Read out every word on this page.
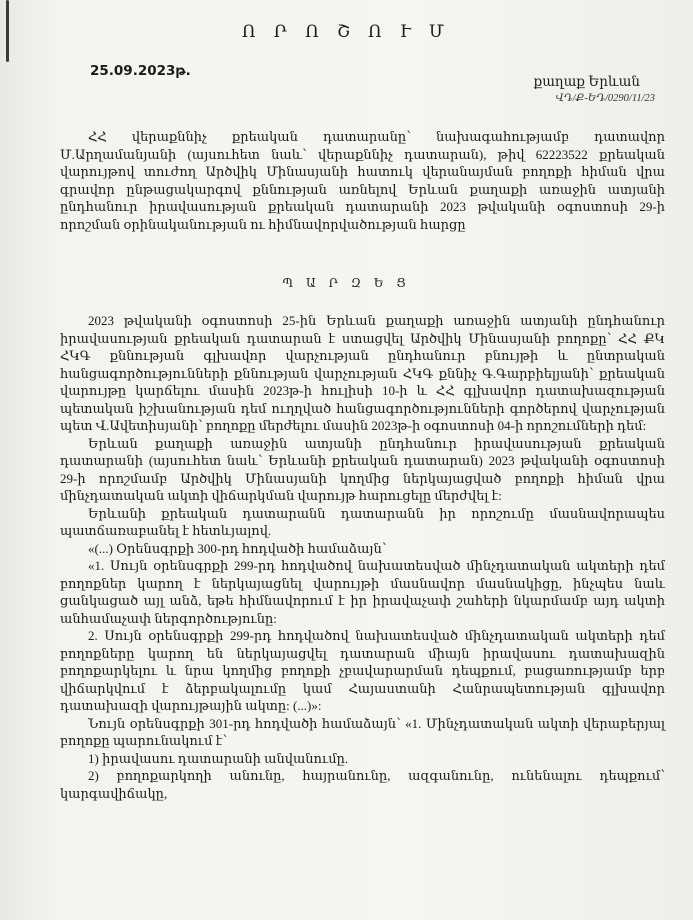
Ո Ր Ո Շ Ո Ւ Մ
25.09.2023թ.
քաղաք Երևան
ՎԴ/Ք-ԵԴ/0290/11/23

ՀՀ վերաքննիչ քրեական դատարանը՝ նախագահությամբ դատավոր Մ.Արղամանյանի (այսուհետ նաև՝ վերաքննիչ դատարան), թիվ 62223522 քրեական վարույթով տուժող Արծվիկ Մինասյանի հատուկ վերանայման բողոքի հիման վրա գրավոր ընթացակարգով քննության առնելով Երևան քաղաքի առաջին ատյանի ընդհանուր իրավասության քրեական դատարանի 2023 թվականի օգոստոսի 29-ի որոշման օրինականության ու հիմնավորվածության հարցը

Պ Ա Ր Զ Ե Ց

2023 թվականի օգոստոսի 25-ին Երևան քաղաքի առաջին ատյանի ընդհանուր իրավասության քրեական դատարան է ստացվել Արծվիկ Մինասյանի բողոքը՝ ՀՀ ՔԿ ՀԿԳ քննության գլխավոր վարչության ընդհանուր բնույթի և ընտրական հանցագործությունների քննության վարչության ՀԿԳ քննիչ Գ.Գարբիելյանի՝ քրեական վարույթը կարճելու մասին 2023թ-ի հուլիսի 10-ի և ՀՀ գլխավոր դատախազության պետական իշխանության դեմ ուղղված հանցագործությունների գործերով վարչության պետ Վ.Ավետիսյանի՝ բողոքը մերժելու մասին 2023թ-ի օգոստոսի 04-ի որոշումների դեմ:

Երևան քաղաքի առաջին ատյանի ընդհանուր իրավասության քրեական դատարանի (այսուհետ նաև՝ Երևանի քրեական դատարան) 2023 թվականի օգոստոսի 29-ի որոշմամբ Արծվիկ Մինասյանի կողմից ներկայացված բողոքի հիման վրա մինչդատական ակտի վիճարկման վարույթ հարուցելը մերժվել է:

Երևանի քրեական դատարանն դատարանն իր որոշումը մասնավորապես պատճառաբանել է հետևյալով.

«(...) Օրենսգրքի 300-րդ հոդվածի համաձայն՝

«1. Սույն օրենսգրքի 299-րդ հոդվածով նախատեսված մինչդատական ակտերի դեմ բողոքներ կարող է ներկայացնել վարույթի մասնավոր մասնակիցը, ինչպես նաև ցանկացած այլ անձ, եթե հիմնավորում է իր իրավաչափ շահերի նկարմամբ այդ ակտի անհամաչափ ներգործությունը:

2. Սույն օրենսգրքի 299-րդ հոդվածով նախատեսված մինչդատական ակտերի դեմ բողոքները կարող են ներկայացվել դատարան միայն իրավասու դատախազին բողոքարկելու և նրա կողմից բողոքի չբավարարման դեպքում, բացառությամբ երբ վիճարկվում է ձերբակալումը կամ Հայաստանի Հանրապետության գլխավոր դատախազի վարույթային ակտը: (...)»:

Նույն օրենսգրքի 301-րդ հոդվածի համաձայն՝ «1. Մինչդատական ակտի վերաբերյալ բողոքը պարունակում է՝

1) իրավասու դատարանի անվանումը.

2) բողոքարկողի անունը, հայրանունը, ազգանունը, ունենալու դեպքում՝ կարգավիճակը,
